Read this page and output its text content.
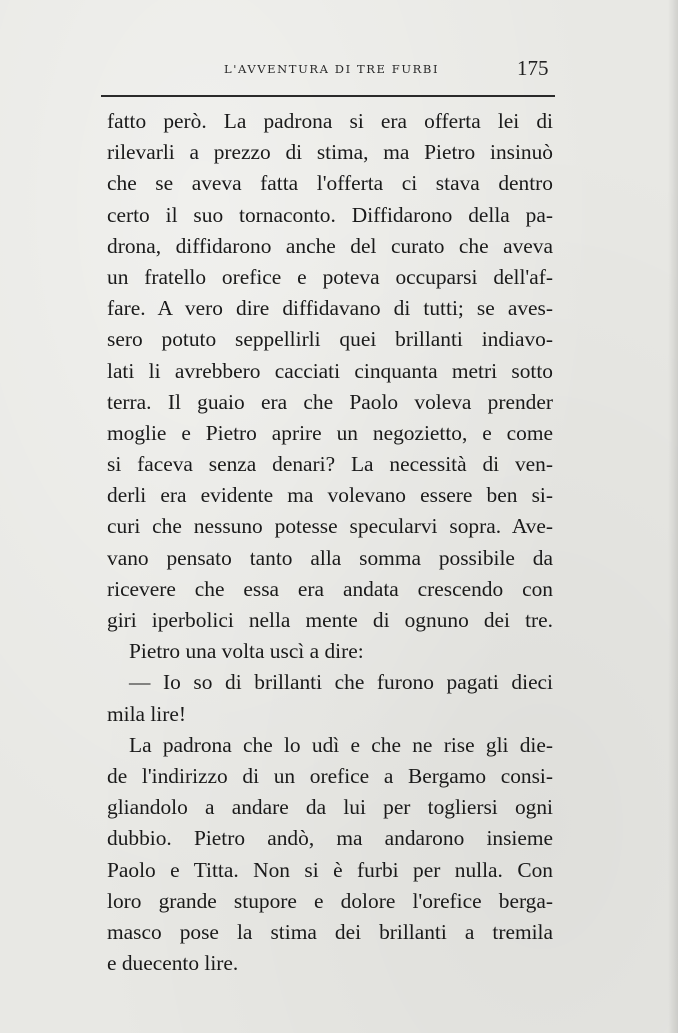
L'AVVENTURA DI TRE FURBI	175
fatto però. La padrona si era offerta lei di
rilevarli a prezzo di stima, ma Pietro insinuò
che se aveva fatta l'offerta ci stava dentro
certo il suo tornaconto. Diffidarono della pa-
drona, diffidarono anche del curato che aveva
un fratello orefice e poteva occuparsi dell'af-
fare. A vero dire diffidavano di tutti; se aves-
sero potuto seppellirli quei brillanti indiavo-
lati li avrebbero cacciati cinquanta metri sotto
terra. Il guaio era che Paolo voleva prender
moglie e Pietro aprire un negozietto, e come
si faceva senza denari? La necessità di ven-
derli era evidente ma volevano essere ben si-
curi che nessuno potesse specularvi sopra. Ave-
vano pensato tanto alla somma possibile da
ricevere che essa era andata crescendo con
giri iperbolici nella mente di ognuno dei tre.
Pietro una volta uscì a dire:
— Io so di brillanti che furono pagati dieci
mila lire!
La padrona che lo udì e che ne rise gli die-
de l'indirizzo di un orefice a Bergamo consi-
gliandolo a andare da lui per togliersi ogni
dubbio. Pietro andò, ma andarono insieme
Paolo e Titta. Non si è furbi per nulla. Con
loro grande stupore e dolore l'orefice berga-
masco pose la stima dei brillanti a tremila
e duecento lire.
